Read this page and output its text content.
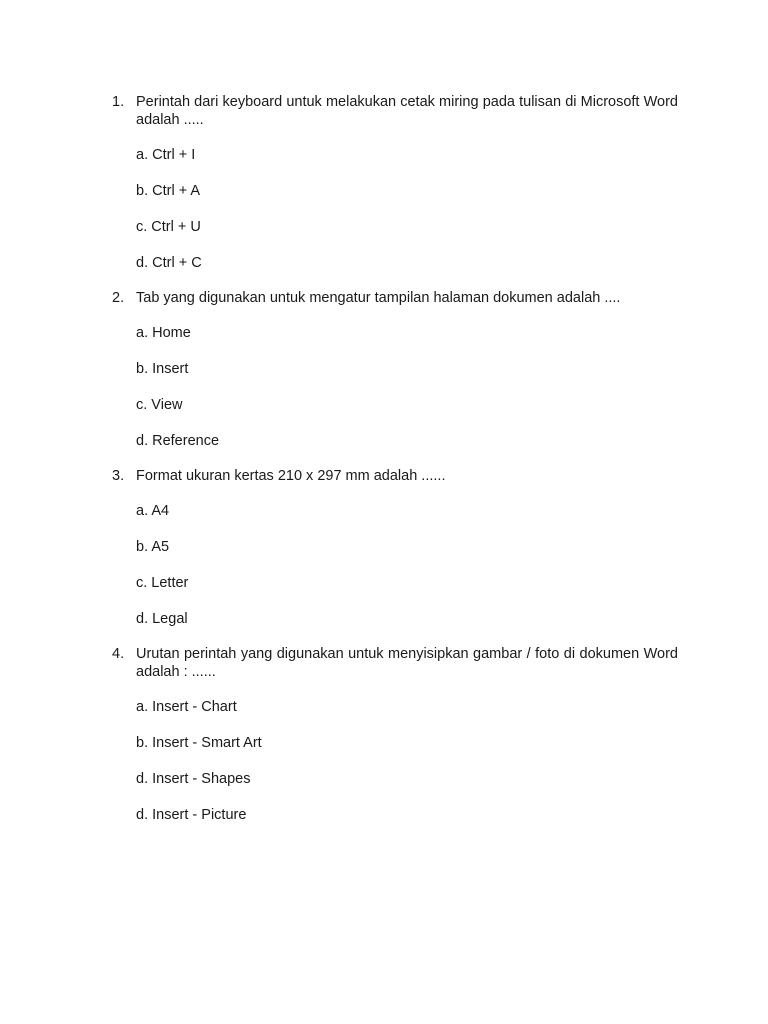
1. Perintah dari keyboard untuk melakukan cetak miring pada tulisan di Microsoft Word adalah .....
a. Ctrl + I
b. Ctrl + A
c. Ctrl + U
d. Ctrl + C
2. Tab yang digunakan untuk mengatur tampilan halaman dokumen adalah ....
a. Home
b. Insert
c. View
d. Reference
3. Format ukuran kertas 210 x 297 mm adalah ......
a. A4
b. A5
c. Letter
d. Legal
4. Urutan perintah yang digunakan untuk menyisipkan gambar / foto di dokumen Word adalah : ......
a. Insert - Chart
b. Insert - Smart Art
d. Insert - Shapes
d. Insert - Picture
